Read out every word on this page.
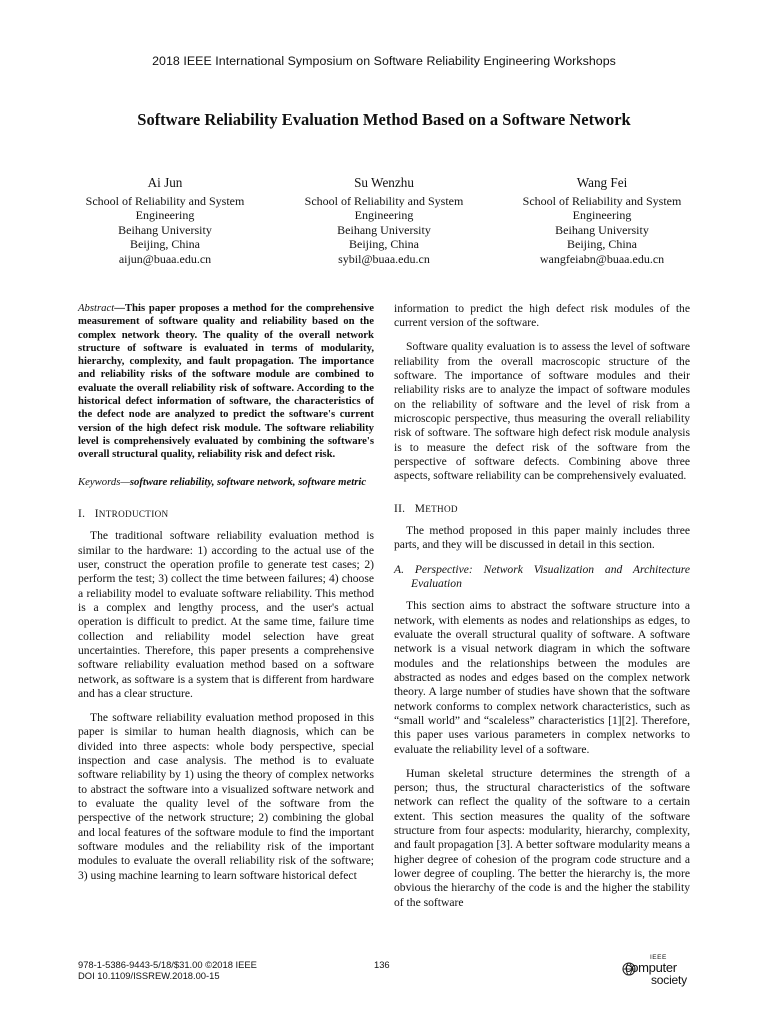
2018 IEEE International Symposium on Software Reliability Engineering Workshops
Software Reliability Evaluation Method Based on a Software Network
Ai Jun
School of Reliability and System
Engineering
Beihang University
Beijing, China
aijun@buaa.edu.cn
Su Wenzhu
School of Reliability and System
Engineering
Beihang University
Beijing, China
sybil@buaa.edu.cn
Wang Fei
School of Reliability and System
Engineering
Beihang University
Beijing, China
wangfeiabn@buaa.edu.cn

Abstract—This paper proposes a method for the comprehensive measurement of software quality and reliability based on the complex network theory. The quality of the overall network structure of software is evaluated in terms of modularity, hierarchy, complexity, and fault propagation. The importance and reliability risks of the software module are combined to evaluate the overall reliability risk of software. According to the historical defect information of software, the characteristics of the defect node are analyzed to predict the software's current version of the high defect risk module. The software reliability level is comprehensively evaluated by combining the software's overall structural quality, reliability risk and defect risk.

Keywords—software reliability, software network, software metric

I. INTRODUCTION

The traditional software reliability evaluation method is similar to the hardware: 1) according to the actual use of the user, construct the operation profile to generate test cases; 2) perform the test; 3) collect the time between failures; 4) choose a reliability model to evaluate software reliability. This method is a complex and lengthy process, and the user's actual operation is difficult to predict. At the same time, failure time collection and reliability model selection have great uncertainties. Therefore, this paper presents a comprehensive software reliability evaluation method based on a software network, as software is a system that is different from hardware and has a clear structure.

The software reliability evaluation method proposed in this paper is similar to human health diagnosis, which can be divided into three aspects: whole body perspective, special inspection and case analysis. The method is to evaluate software reliability by 1) using the theory of complex networks to abstract the software into a visualized software network and to evaluate the quality level of the software from the perspective of the network structure; 2) combining the global and local features of the software module to find the important software modules and the reliability risk of the important modules to evaluate the overall reliability risk of the software; 3) using machine learning to learn software historical defect

information to predict the high defect risk modules of the current version of the software.

Software quality evaluation is to assess the level of software reliability from the overall macroscopic structure of the software. The importance of software modules and their reliability risks are to analyze the impact of software modules on the reliability of software and the level of risk from a microscopic perspective, thus measuring the overall reliability risk of software. The software high defect risk module analysis is to measure the defect risk of the software from the perspective of software defects. Combining above three aspects, software reliability can be comprehensively evaluated.

II. METHOD

The method proposed in this paper mainly includes three parts, and they will be discussed in detail in this section.

A. Perspective: Network Visualization and Architecture Evaluation

This section aims to abstract the software structure into a network, with elements as nodes and relationships as edges, to evaluate the overall structural quality of software. A software network is a visual network diagram in which the software modules and the relationships between the modules are abstracted as nodes and edges based on the complex network theory. A large number of studies have shown that the software network conforms to complex network characteristics, such as “small world” and “scaleless” characteristics [1][2]. Therefore, this paper uses various parameters in complex networks to evaluate the reliability level of a software.

Human skeletal structure determines the strength of a person; thus, the structural characteristics of the software network can reflect the quality of the software to a certain extent. This section measures the quality of the software structure from four aspects: modularity, hierarchy, complexity, and fault propagation [3]. A better software modularity means a higher degree of cohesion of the program code structure and a lower degree of coupling. The better the hierarchy is, the more obvious the hierarchy of the code is and the higher the stability of the software

978-1-5386-9443-5/18/$31.00 ©2018 IEEE
DOI 10.1109/ISSREW.2018.00-15
136
IEEE
computer
society
